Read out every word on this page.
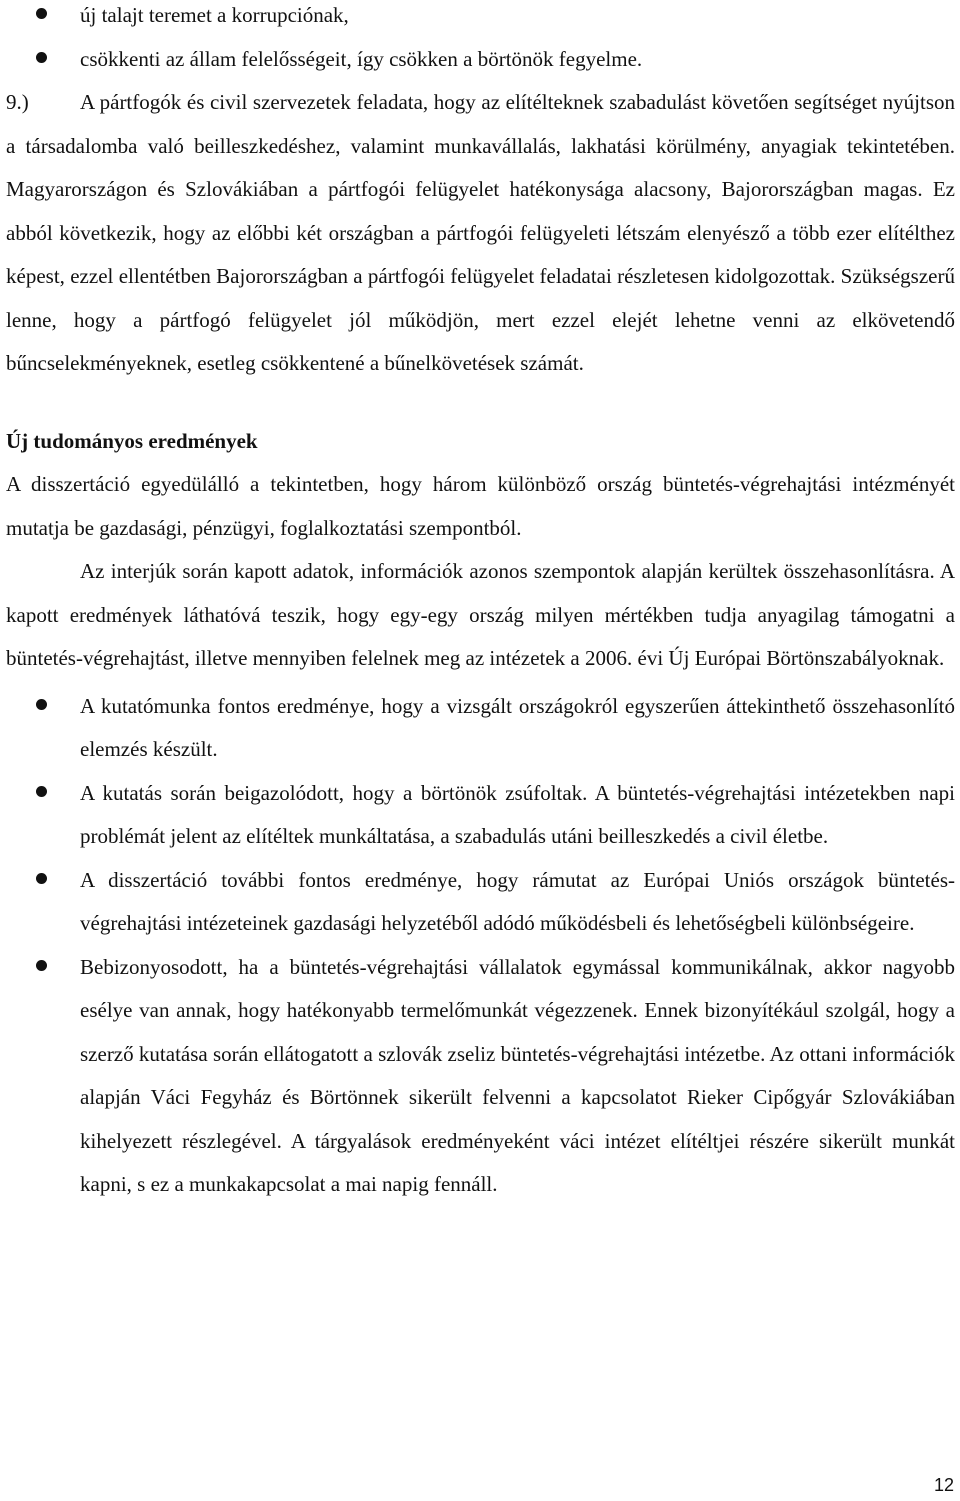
új talajt teremet a korrupciónak,
csökkenti az állam felelősségeit, így csökken a börtönök fegyelme.

9.) A pártfogók és civil szervezetek feladata, hogy az elítélteknek szabadulást követően segítséget nyújtson a társadalomba való beilleszkedéshez, valamint munkavállalás, lakhatási körülmény, anyagiak tekintetében. Magyarországon és Szlovákiában a pártfogói felügyelet hatékonysága alacsony, Bajorországban magas. Ez abból következik, hogy az előbbi két országban a pártfogói felügyeleti létszám elenyésző a több ezer elítélthez képest, ezzel ellentétben Bajorországban a pártfogói felügyelet feladatai részletesen kidolgozottak. Szükségszerű lenne, hogy a pártfogó felügyelet jól működjön, mert ezzel elejét lehetne venni az elkövetendő bűncselekményeknek, esetleg csökkentené a bűnelkövetések számát.

Új tudományos eredmények

A disszertáció egyedülálló a tekintetben, hogy három különböző ország büntetés-végrehajtási intézményét mutatja be gazdasági, pénzügyi, foglalkoztatási szempontból.

Az interjúk során kapott adatok, információk azonos szempontok alapján kerültek összehasonlításra. A kapott eredmények láthatóvá teszik, hogy egy-egy ország milyen mértékben tudja anyagilag támogatni a büntetés-végrehajtást, illetve mennyiben felelnek meg az intézetek a 2006. évi Új Európai Börtönszabályoknak.

A kutatómunka fontos eredménye, hogy a vizsgált országokról egyszerűen áttekinthető összehasonlító elemzés készült.
A kutatás során beigazolódott, hogy a börtönök zsúfoltak. A büntetés-végrehajtási intézetekben napi problémát jelent az elítéltek munkáltatása, a szabadulás utáni beilleszkedés a civil életbe.
A disszertáció további fontos eredménye, hogy rámutat az Európai Uniós országok büntetés-végrehajtási intézeteinek gazdasági helyzetéből adódó működésbeli és lehetőségbeli különbségeire.
Bebizonyosodott, ha a büntetés-végrehajtási vállalatok egymással kommunikálnak, akkor nagyobb esélye van annak, hogy hatékonyabb termelőmunkát végezzenek. Ennek bizonyítékául szolgál, hogy a szerző kutatása során ellátogatott a szlovák zseliz büntetés-végrehajtási intézetbe. Az ottani információk alapján Váci Fegyház és Börtönnek sikerült felvenni a kapcsolatot Rieker Cipőgyár Szlovákiában kihelyezett részlegével. A tárgyalások eredményeként váci intézet elítéltjei részére sikerült munkát kapni, s ez a munkakapcsolat a mai napig fennáll.
12
